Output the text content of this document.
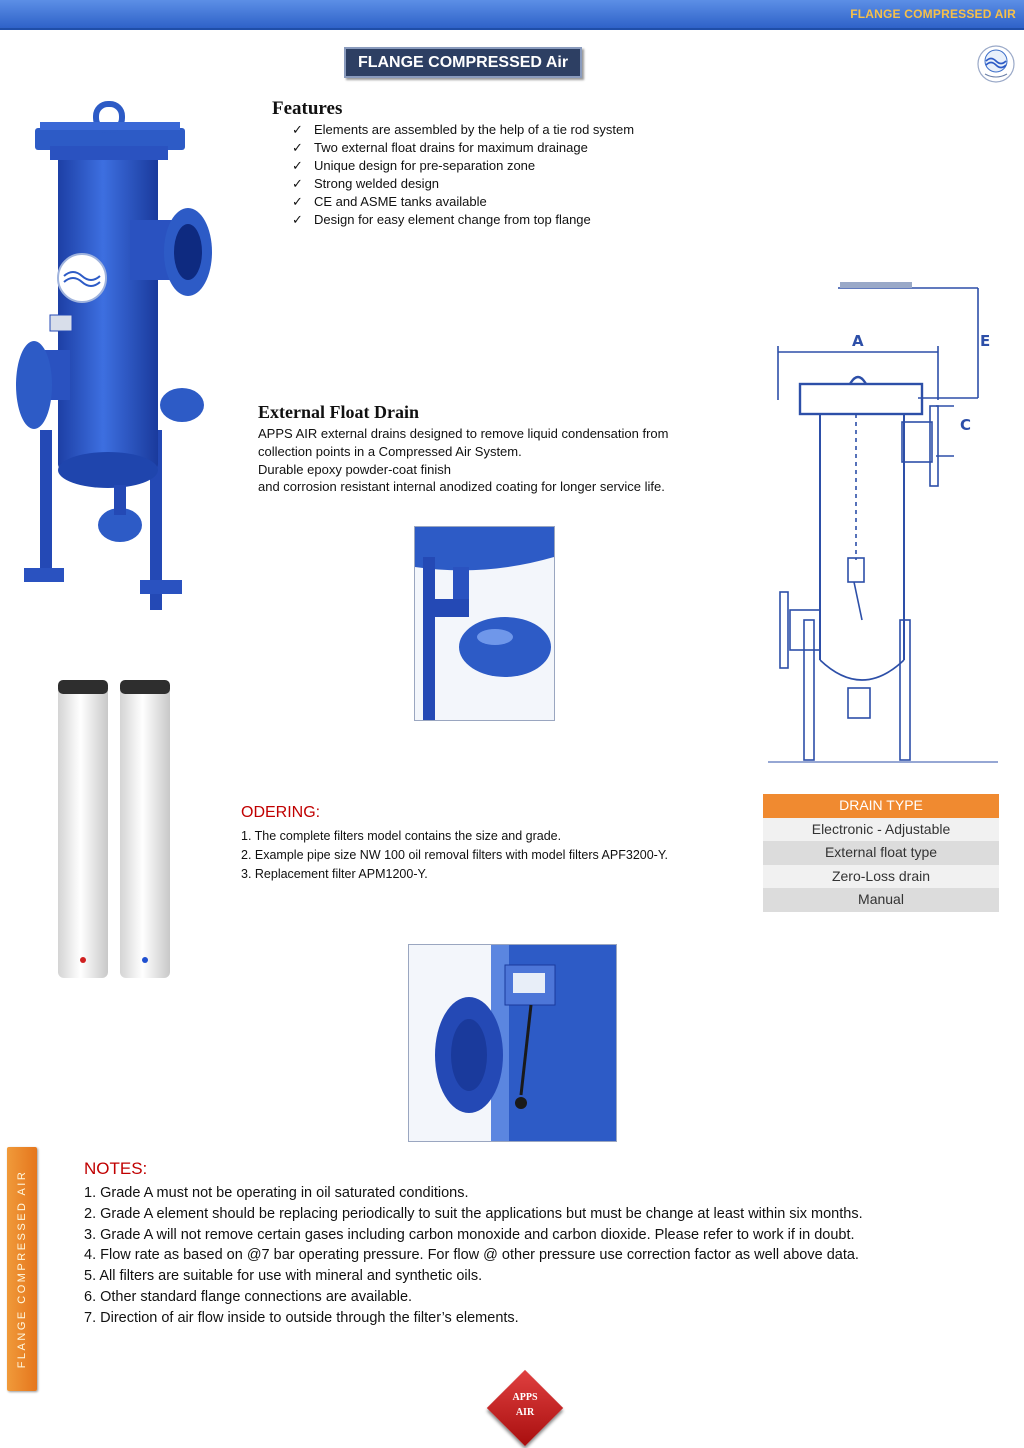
FLANGE COMPRESSED AIR
FLANGE COMPRESSED Air
Features
✓ Elements are assembled by the help of a tie rod system
✓ Two external float drains for maximum drainage
✓ Unique design for pre-separation zone
✓ Strong welded design
✓ CE and ASME tanks available
✓ Design for easy element change from top flange
A	E
C
External Float Drain
APPS AIR external drains designed to remove liquid condensation from
collection points in a Compressed Air System.
Durable epoxy powder-coat finish
and corrosion resistant internal anodized coating for longer service life.
ODERING:
1. The complete filters model contains the size and grade.
2. Example pipe size NW 100 oil removal filters with model filters APF3200-Y.
3. Replacement filter APM1200-Y.
DRAIN TYPE
Electronic - Adjustable
External float type
Zero-Loss drain
Manual
FLANGE COMPRESSED AIR
NOTES:
1. Grade A must not be operating in oil saturated conditions.
2. Grade A element should be replacing periodically to suit the applications but must be change at least within six months.
3. Grade A will not remove certain gases including carbon monoxide and carbon dioxide. Please refer to work if in doubt.
4. Flow rate as based on @7 bar operating pressure. For flow @ other pressure use correction factor as well above data.
5. All filters are suitable for use with mineral and synthetic oils.
6. Other standard flange connections are available.
7. Direction of air flow inside to outside through the filter’s elements.
APPS
AIR
